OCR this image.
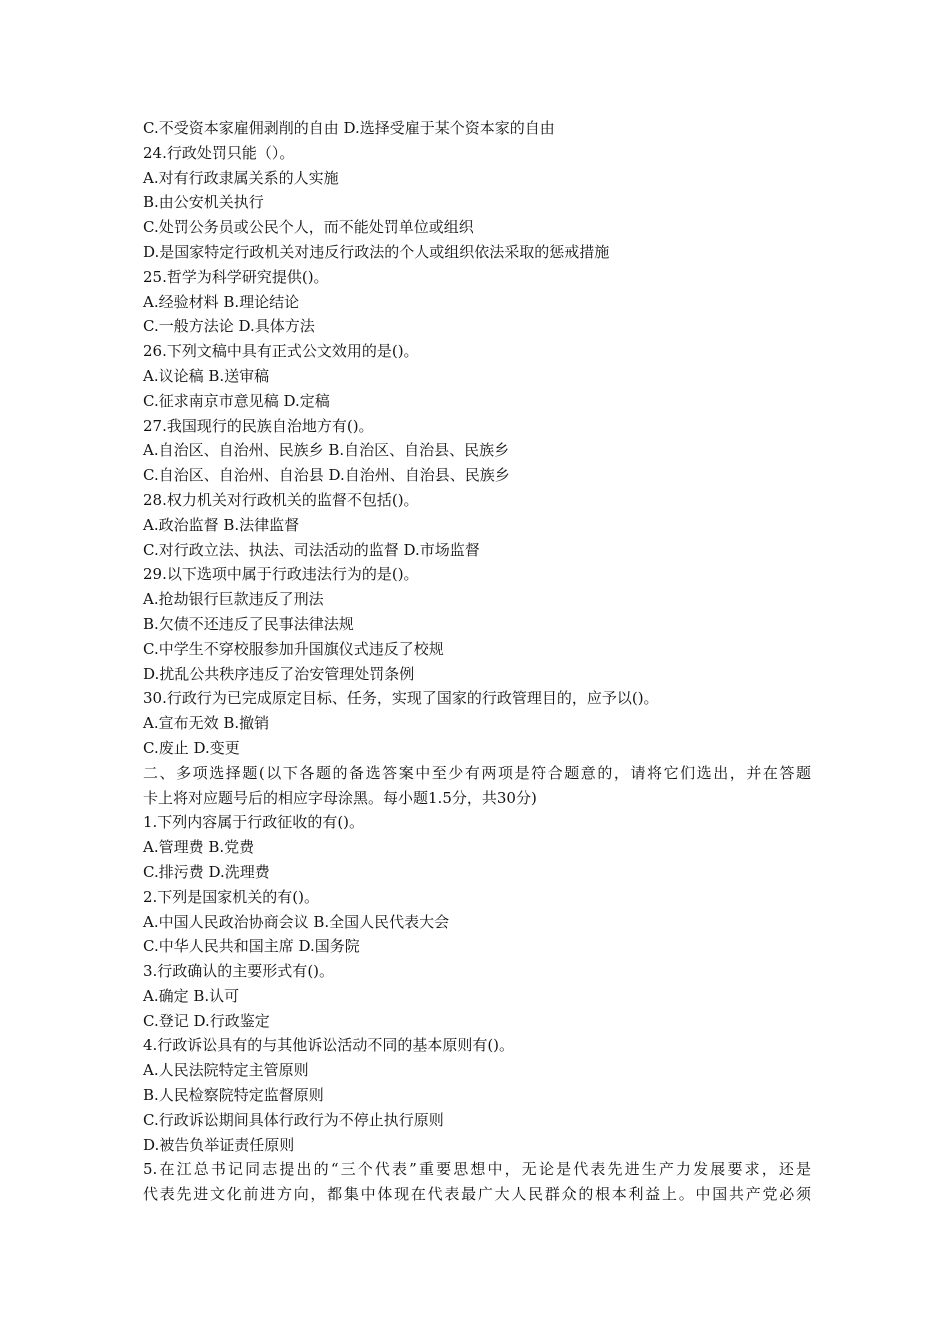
C.不受资本家雇佣剥削的自由 D.选择受雇于某个资本家的自由
24.行政处罚只能（）。
A.对有行政隶属关系的人实施
B.由公安机关执行
C.处罚公务员或公民个人，而不能处罚单位或组织
D.是国家特定行政机关对违反行政法的个人或组织依法采取的惩戒措施
25.哲学为科学研究提供()。
A.经验材料 B.理论结论
C.一般方法论 D.具体方法
26.下列文稿中具有正式公文效用的是()。
A.议论稿 B.送审稿
C.征求南京市意见稿 D.定稿
27.我国现行的民族自治地方有()。
A.自治区、自治州、民族乡 B.自治区、自治县、民族乡
C.自治区、自治州、自治县 D.自治州、自治县、民族乡
28.权力机关对行政机关的监督不包括()。
A.政治监督 B.法律监督
C.对行政立法、执法、司法活动的监督 D.市场监督
29.以下选项中属于行政违法行为的是()。
A.抢劫银行巨款违反了刑法
B.欠债不还违反了民事法律法规
C.中学生不穿校服参加升国旗仪式违反了校规
D.扰乱公共秩序违反了治安管理处罚条例
30.行政行为已完成原定目标、任务，实现了国家的行政管理目的，应予以()。
A.宣布无效 B.撤销
C.废止 D.变更
二、多项选择题(以下各题的备选答案中至少有两项是符合题意的，请将它们选出，并在答题
卡上将对应题号后的相应字母涂黑。每小题1.5分，共30分)
1.下列内容属于行政征收的有()。
A.管理费 B.党费
C.排污费 D.洗理费
2.下列是国家机关的有()。
A.中国人民政治协商会议 B.全国人民代表大会
C.中华人民共和国主席 D.国务院
3.行政确认的主要形式有()。
A.确定 B.认可
C.登记 D.行政鉴定
4.行政诉讼具有的与其他诉讼活动不同的基本原则有()。
A.人民法院特定主管原则
B.人民检察院特定监督原则
C.行政诉讼期间具体行政行为不停止执行原则
D.被告负举证责任原则
5.在江总书记同志提出的“三个代表”重要思想中，无论是代表先进生产力发展要求，还是
代表先进文化前进方向，都集中体现在代表最广大人民群众的根本利益上。中国共产党必须
